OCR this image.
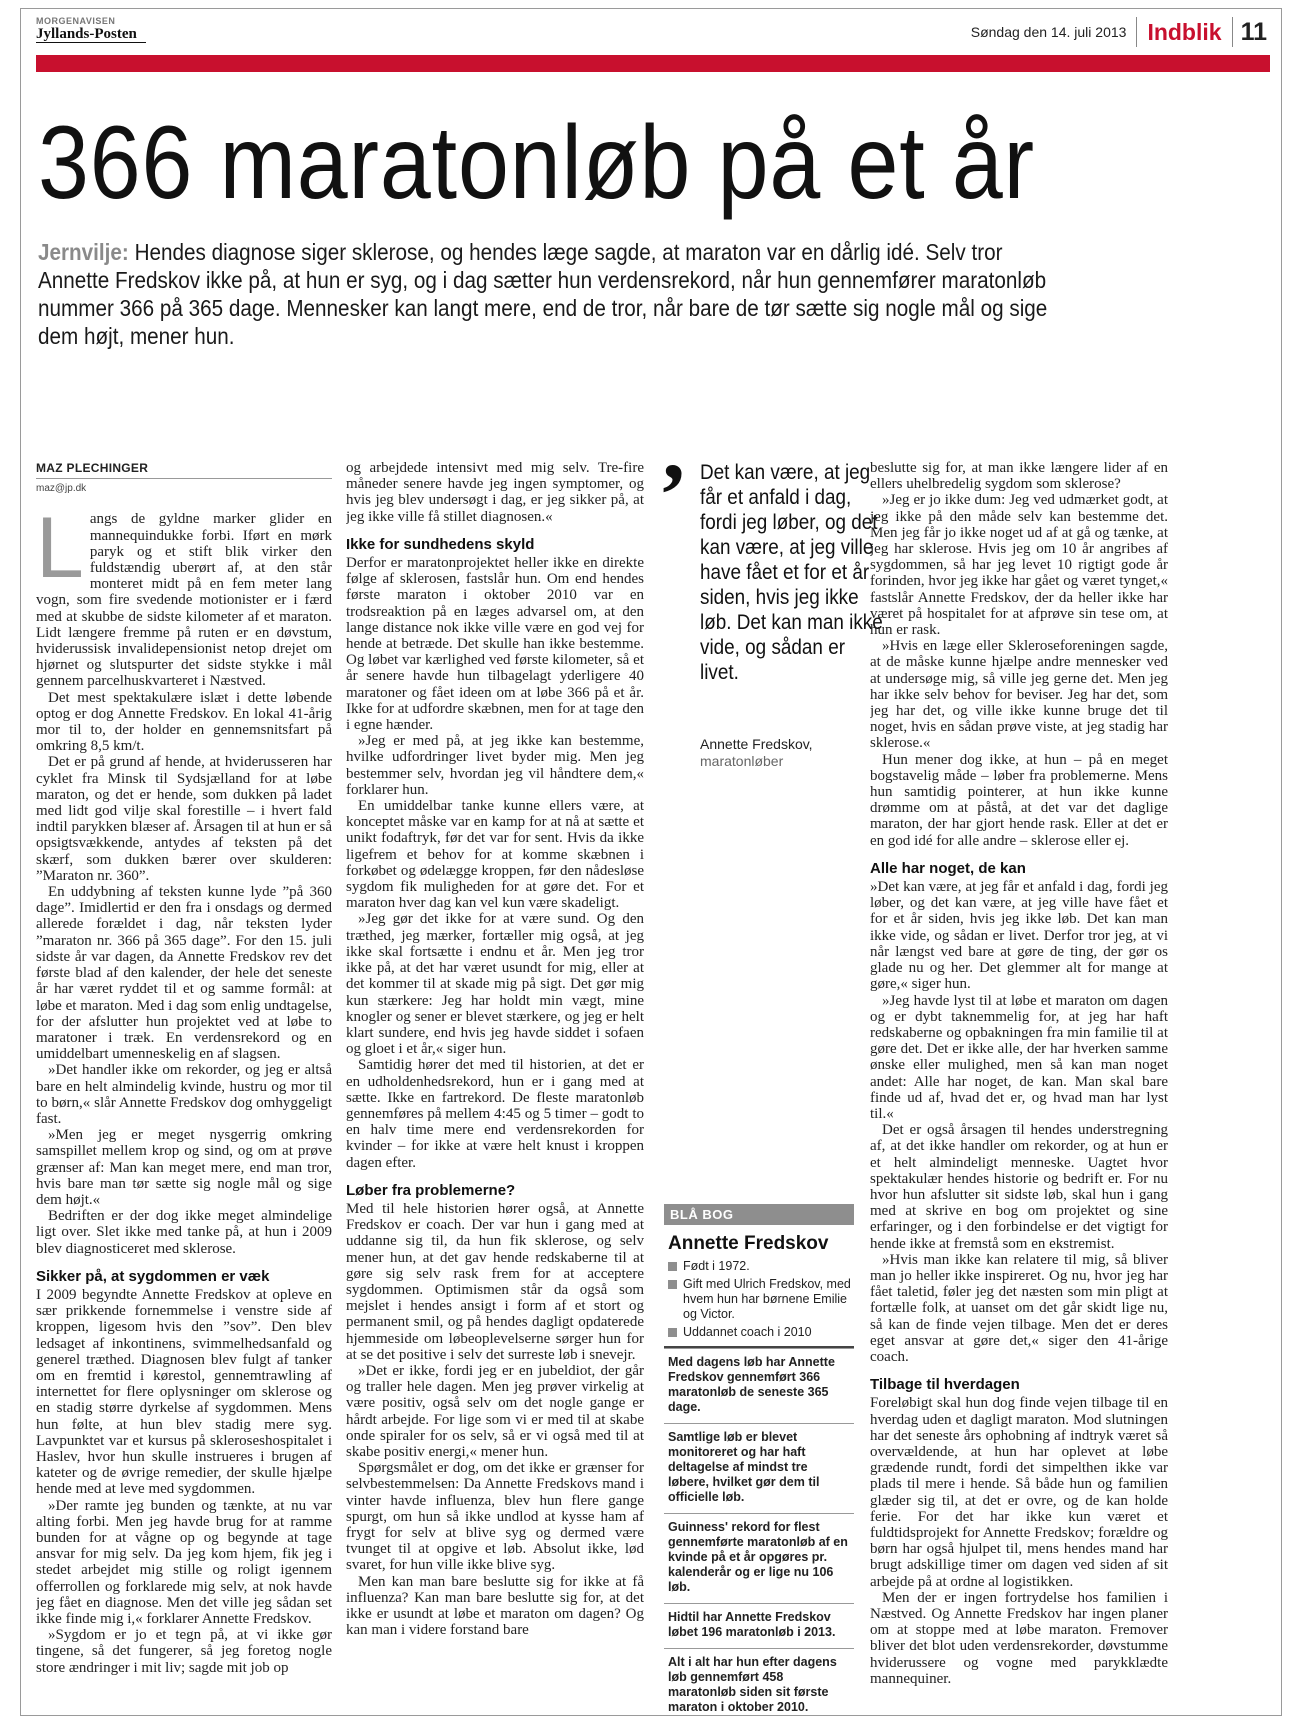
MORGENAVISEN
Jyllands-Posten	Søndag den 14. juli 2013 Indblik 11
366 maratonløb på et år
Jernvilje: Hendes diagnose siger sklerose, og hendes læge sagde, at maraton var en dårlig idé. Selv tror Annette Fredskov ikke på, at hun er syg, og i dag sætter hun verdensrekord, når hun gennemfører maratonløb nummer 366 på 365 dage. Mennesker kan langt mere, end de tror, når bare de tør sætte sig nogle mål og sige dem højt, mener hun.
MAZ PLECHINGER
maz@jp.dk

Langs de gyldne marker glider en mannequindukke forbi. Iført en mørk paryk og et stift blik virker den fuldstændig uberørt af, at den står monteret midt på en fem meter lang vogn, som fire svedende motionister er i færd med at skubbe de sidste kilometer af et maraton. Lidt længere fremme på ruten er en døvstum, hviderussisk invalidepensionist netop drejet om hjørnet og slutspurter det sidste stykke i mål gennem parcelhuskvarteret i Næstved.

Det mest spektakulære islæt i dette løbende optog er dog Annette Fredskov. En lokal 41-årig mor til to, der holder en gennemsnitsfart på omkring 8,5 km/t.

Det er på grund af hende, at hviderusseren har cyklet fra Minsk til Sydsjælland for at løbe maraton, og det er hende, som dukken på ladet med lidt god vilje skal forestille – i hvert fald indtil parykken blæser af. Årsagen til at hun er så opsigtsvækkende, antydes af teksten på det skærf, som dukken bærer over skulderen: ”Maraton nr. 360”.

En uddybning af teksten kunne lyde ”på 360 dage”. Imidlertid er den fra i onsdags og dermed allerede forældet i dag, når teksten lyder ”maraton nr. 366 på 365 dage”. For den 15. juli sidste år var dagen, da Annette Fredskov rev det første blad af den kalender, der hele det seneste år har været ryddet til et og samme formål: at løbe et maraton. Med i dag som enlig undtagelse, for der afslutter hun projektet ved at løbe to maratoner i træk. En verdensrekord og en umiddelbart umenneskelig en af slagsen.

»Det handler ikke om rekorder, og jeg er altså bare en helt almindelig kvinde, hustru og mor til to børn,« slår Annette Fredskov dog omhyggeligt fast.

»Men jeg er meget nysgerrig omkring samspillet mellem krop og sind, og om at prøve grænser af: Man kan meget mere, end man tror, hvis bare man tør sætte sig nogle mål og sige dem højt.«

Bedriften er der dog ikke meget almindelige ligt over. Slet ikke med tanke på, at hun i 2009 blev diagnosticeret med sklerose.

Sikker på, at sygdommen er væk

I 2009 begyndte Annette Fredskov at opleve en sær prikkende fornemmelse i venstre side af kroppen, ligesom hvis den ”sov”. Den blev ledsaget af inkontinens, svimmelhedsanfald og generel træthed. Diagnosen blev fulgt af tanker om en fremtid i kørestol, gennemtrawling af internettet for flere oplysninger om sklerose og en stadig større dyrkelse af sygdommen. Mens hun følte, at hun blev stadig mere syg. Lavpunktet var et kursus på skleroseshospitalet i Haslev, hvor hun skulle instrueres i brugen af kateter og de øvrige remedier, der skulle hjælpe hende med at leve med sygdommen.

»Der ramte jeg bunden og tænkte, at nu var alting forbi. Men jeg havde brug for at ramme bunden for at vågne op og begynde at tage ansvar for mig selv. Da jeg kom hjem, fik jeg i stedet arbejdet mig stille og roligt igennem offerrollen og forklarede mig selv, at nok havde jeg fået en diagnose. Men det ville jeg sådan set ikke finde mig i,« forklarer Annette Fredskov.

»Sygdom er jo et tegn på, at vi ikke gør tingene, så det fungerer, så jeg foretog nogle store ændringer i mit liv; sagde mit job op

og arbejdede intensivt med mig selv. Tre-fire måneder senere havde jeg ingen symptomer, og hvis jeg blev undersøgt i dag, er jeg sikker på, at jeg ikke ville få stillet diagnosen.«

Ikke for sundhedens skyld

Derfor er maratonprojektet heller ikke en direkte følge af sklerosen, fastslår hun. Om end hendes første maraton i oktober 2010 var en trodsreaktion på en læges advarsel om, at den lange distance nok ikke ville være en god vej for hende at betræde. Det skulle han ikke bestemme. Og løbet var kærlighed ved første kilometer, så et år senere havde hun tilbagelagt yderligere 40 maratoner og fået ideen om at løbe 366 på et år. Ikke for at udfordre skæbnen, men for at tage den i egne hænder.

»Jeg er med på, at jeg ikke kan bestemme, hvilke udfordringer livet byder mig. Men jeg bestemmer selv, hvordan jeg vil håndtere dem,« forklarer hun.

En umiddelbar tanke kunne ellers være, at konceptet måske var en kamp for at nå at sætte et unikt fodaftryk, før det var for sent. Hvis da ikke ligefrem et behov for at komme skæbnen i forkøbet og ødelægge kroppen, før den nådesløse sygdom fik muligheden for at gøre det. For et maraton hver dag kan vel kun være skadeligt.

»Jeg gør det ikke for at være sund. Og den træthed, jeg mærker, fortæller mig også, at jeg ikke skal fortsætte i endnu et år. Men jeg tror ikke på, at det har været usundt for mig, eller at det kommer til at skade mig på sigt. Det gør mig kun stærkere: Jeg har holdt min vægt, mine knogler og sener er blevet stærkere, og jeg er helt klart sundere, end hvis jeg havde siddet i sofaen og gloet i et år,« siger hun.

Samtidig hører det med til historien, at det er en udholdenhedsrekord, hun er i gang med at sætte. Ikke en fartrekord. De fleste maratonløb gennemføres på mellem 4:45 og 5 timer – godt to en halv time mere end verdensrekorden for kvinder – for ikke at være helt knust i kroppen dagen efter.

Løber fra problemerne?

Med til hele historien hører også, at Annette Fredskov er coach. Der var hun i gang med at uddanne sig til, da hun fik sklerose, og selv mener hun, at det gav hende redskaberne til at gøre sig selv rask frem for at acceptere sygdommen. Optimismen står da også som mejslet i hendes ansigt i form af et stort og permanent smil, og på hendes dagligt opdaterede hjemmeside om løbeoplevelserne sørger hun for at se det positive i selv det surreste løb i snevejr.

»Det er ikke, fordi jeg er en jubeldiot, der går og traller hele dagen. Men jeg prøver virkelig at være positiv, også selv om det nogle gange er hårdt arbejde. For lige som vi er med til at skabe onde spiraler for os selv, så er vi også med til at skabe positiv energi,« mener hun.

Spørgsmålet er dog, om det ikke er grænser for selvbestemmelsen: Da Annette Fredskovs mand i vinter havde influenza, blev hun flere gange spurgt, om hun så ikke undlod at kysse ham af frygt for selv at blive syg og dermed være tvunget til at opgive et løb. Absolut ikke, lød svaret, for hun ville ikke blive syg.

Men kan man bare beslutte sig for ikke at få influenza? Kan man bare beslutte sig for, at det ikke er usundt at løbe et maraton om dagen? Og kan man i videre forstand bare

’ Det kan være, at jeg får et anfald i dag, fordi jeg løber, og det kan være, at jeg ville have fået et for et år siden, hvis jeg ikke løb. Det kan man ikke vide, og sådan er livet.
Annette Fredskov,
maratonløber
BLÅ BOG
Annette Fredskov
Født i 1972.
Gift med Ulrich Fredskov, med hvem hun har børnene Emilie og Victor.
Uddannet coach i 2010
Med dagens løb har Annette Fredskov gennemført 366 maratonløb de seneste 365 dage.
Samtlige løb er blevet monitoreret og har haft deltagelse af mindst tre løbere, hvilket gør dem til officielle løb.
Guinness' rekord for flest gennemførte maratonløb af en kvinde på et år opgøres pr. kalenderår og er lige nu 106 løb.
Hidtil har Annette Fredskov løbet 196 maratonløb i 2013.
Alt i alt har hun efter dagens løb gennemført 458 maratonløb siden sit første maraton i oktober 2010.

beslutte sig for, at man ikke længere lider af en ellers uhelbredelig sygdom som sklerose?

»Jeg er jo ikke dum: Jeg ved udmærket godt, at jeg ikke på den måde selv kan bestemme det. Men jeg får jo ikke noget ud af at gå og tænke, at jeg har sklerose. Hvis jeg om 10 år angribes af sygdommen, så har jeg levet 10 rigtigt gode år forinden, hvor jeg ikke har gået og været tynget,« fastslår Annette Fredskov, der da heller ikke har været på hospitalet for at afprøve sin tese om, at hun er rask.

»Hvis en læge eller Skleroseforeningen sagde, at de måske kunne hjælpe andre mennesker ved at undersøge mig, så ville jeg gerne det. Men jeg har ikke selv behov for beviser. Jeg har det, som jeg har det, og ville ikke kunne bruge det til noget, hvis en sådan prøve viste, at jeg stadig har sklerose.«

Hun mener dog ikke, at hun – på en meget bogstavelig måde – løber fra problemerne. Mens hun samtidig pointerer, at hun ikke kunne drømme om at påstå, at det var det daglige maraton, der har gjort hende rask. Eller at det er en god idé for alle andre – sklerose eller ej.

Alle har noget, de kan

»Det kan være, at jeg får et anfald i dag, fordi jeg løber, og det kan være, at jeg ville have fået et for et år siden, hvis jeg ikke løb. Det kan man ikke vide, og sådan er livet. Derfor tror jeg, at vi når længst ved bare at gøre de ting, der gør os glade nu og her. Det glemmer alt for mange at gøre,« siger hun.

»Jeg havde lyst til at løbe et maraton om dagen og er dybt taknemmelig for, at jeg har haft redskaberne og opbakningen fra min familie til at gøre det. Det er ikke alle, der har hverken samme ønske eller mulighed, men så kan man noget andet: Alle har noget, de kan. Man skal bare finde ud af, hvad det er, og hvad man har lyst til.«

Det er også årsagen til hendes understregning af, at det ikke handler om rekorder, og at hun er et helt almindeligt menneske. Uagtet hvor spektakulær hendes historie og bedrift er. For nu hvor hun afslutter sit sidste løb, skal hun i gang med at skrive en bog om projektet og sine erfaringer, og i den forbindelse er det vigtigt for hende ikke at fremstå som en ekstremist.

»Hvis man ikke kan relatere til mig, så bliver man jo heller ikke inspireret. Og nu, hvor jeg har fået taletid, føler jeg det næsten som min pligt at fortælle folk, at uanset om det går skidt lige nu, så kan de finde vejen tilbage. Men det er deres eget ansvar at gøre det,« siger den 41-årige coach.

Tilbage til hverdagen

Foreløbigt skal hun dog finde vejen tilbage til en hverdag uden et dagligt maraton. Mod slutningen har det seneste års ophobning af indtryk været så overvældende, at hun har oplevet at løbe grædende rundt, fordi det simpelthen ikke var plads til mere i hende. Så både hun og familien glæder sig til, at det er ovre, og de kan holde ferie. For det har ikke kun været et fuldtidsprojekt for Annette Fredskov; forældre og børn har også hjulpet til, mens hendes mand har brugt adskillige timer om dagen ved siden af sit arbejde på at ordne al logistikken.

Men der er ingen fortrydelse hos familien i Næstved. Og Annette Fredskov har ingen planer om at stoppe med at løbe maraton. Fremover bliver det blot uden verdensrekorder, døvstumme hviderussere og vogne med parykklædte mannequiner.
